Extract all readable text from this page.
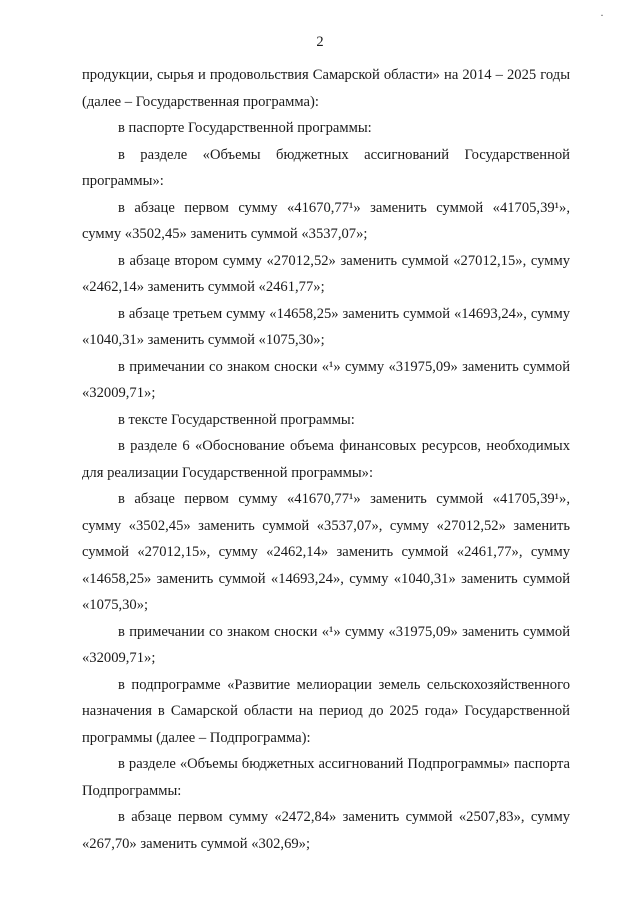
2

продукции, сырья и продовольствия Самарской области» на 2014 – 2025 годы (далее – Государственная программа):

в паспорте Государственной программы:

в разделе «Объемы бюджетных ассигнований Государственной программы»:

в абзаце первом сумму «41670,77¹» заменить суммой «41705,39¹», сумму «3502,45» заменить суммой «3537,07»;

в абзаце втором сумму «27012,52» заменить суммой «27012,15», сумму «2462,14» заменить суммой «2461,77»;

в абзаце третьем сумму «14658,25» заменить суммой «14693,24», сумму «1040,31» заменить суммой «1075,30»;

в примечании со знаком сноски «¹» сумму «31975,09» заменить суммой «32009,71»;

в тексте Государственной программы:

в разделе 6 «Обоснование объема финансовых ресурсов, необходимых для реализации Государственной программы»:

в абзаце первом сумму «41670,77¹» заменить суммой «41705,39¹», сумму «3502,45» заменить суммой «3537,07», сумму «27012,52» заменить суммой «27012,15», сумму «2462,14» заменить суммой «2461,77», сумму «14658,25» заменить суммой «14693,24», сумму «1040,31» заменить суммой «1075,30»;

в примечании со знаком сноски «¹» сумму «31975,09» заменить суммой «32009,71»;

в подпрограмме «Развитие мелиорации земель сельскохозяйственного назначения в Самарской области на период до 2025 года» Государственной программы (далее – Подпрограмма):

в разделе «Объемы бюджетных ассигнований Подпрограммы» паспорта Подпрограммы:

в абзаце первом сумму «2472,84» заменить суммой «2507,83», сумму «267,70» заменить суммой «302,69»;

·
